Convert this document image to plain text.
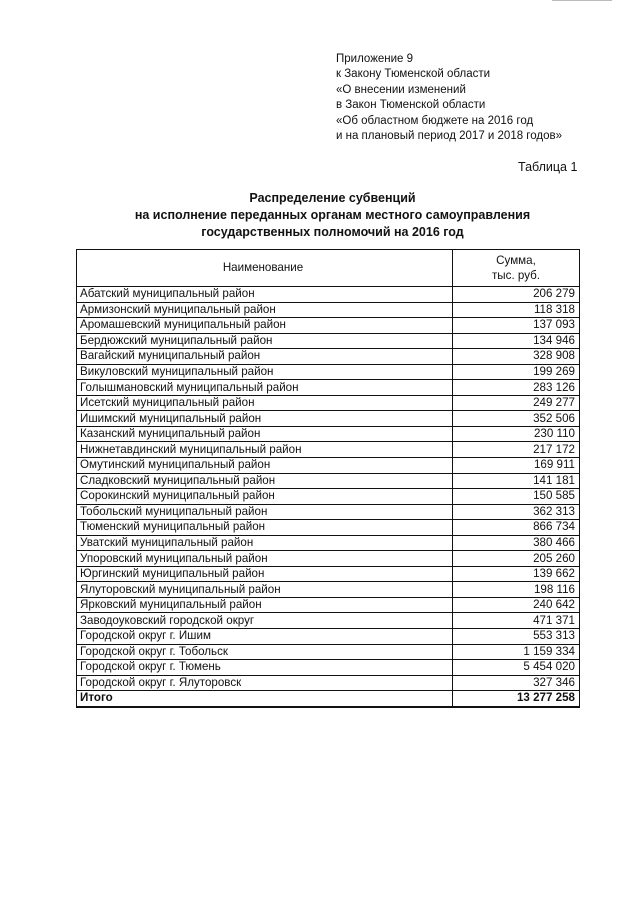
Приложение 9
к Закону Тюменской области
«О внесении изменений
в Закон Тюменской области
«Об областном бюджете на 2016 год
и на плановый период 2017 и 2018 годов»
Таблица 1
Распределение субвенций
на исполнение переданных органам местного самоуправления
государственных полномочий на 2016 год
Наименование	Сумма,
тыс. руб.

Абатский муниципальный район	206 279
Армизонский муниципальный район	118 318
Аромашевский муниципальный район	137 093
Бердюжский муниципальный район	134 946
Вагайский муниципальный район	328 908
Викуловский муниципальный район	199 269
Голышмановский муниципальный район	283 126
Исетский муниципальный район	249 277
Ишимский муниципальный район	352 506
Казанский муниципальный район	230 110
Нижнетавдинский муниципальный район	217 172
Омутинский муниципальный район	169 911
Сладковский муниципальный район	141 181
Сорокинский муниципальный район	150 585
Тобольский муниципальный район	362 313
Тюменский муниципальный район	866 734
Уватский муниципальный район	380 466
Упоровский муниципальный район	205 260
Юргинский муниципальный район	139 662
Ялуторовский муниципальный район	198 116
Ярковский муниципальный район	240 642
Заводоуковский городской округ	471 371
Городской округ г. Ишим	553 313
Городской округ г. Тобольск	1 159 334
Городской округ г. Тюмень	5 454 020
Городской округ г. Ялуторовск	327 346
Итого	13 277 258
